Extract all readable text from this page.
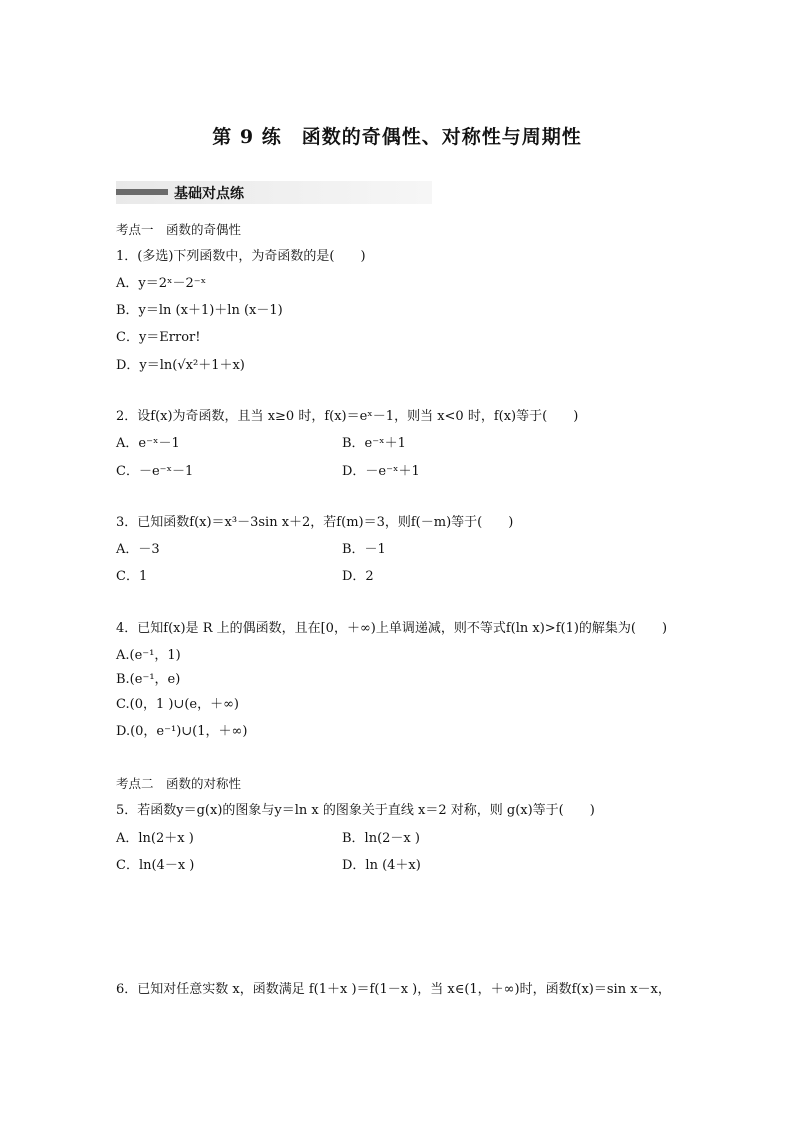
第 9 练　函数的奇偶性、对称性与周期性
基础对点练
考点一　函数的奇偶性
1．(多选)下列函数中，为奇函数的是(　　)
A．y＝2ˣ－2⁻ˣ
B．y＝ln (x＋1)＋ln (x－1)
C．y＝Error!
D．y＝ln(√x²＋1＋x)
2．设f(x)为奇函数，且当 x≥0 时，f(x)＝eˣ－1，则当 x<0 时，f(x)等于(　　)
A．e⁻ˣ－1	B．e⁻ˣ＋1
C．－e⁻ˣ－1	D．－e⁻ˣ＋1
3．已知函数f(x)＝x³－3sin x＋2，若f(m)＝3，则f(－m)等于(　　)
A．－3	B．－1
C．1	D．2
4．已知f(x)是 R 上的偶函数，且在[0，＋∞)上单调递减，则不等式f(ln x)>f(1)的解集为(　　)
A.(e⁻¹，1)
B.(e⁻¹，e)
C.(0，1 )∪(e，＋∞)
D.(0，e⁻¹)∪(1，＋∞)
考点二　函数的对称性
5．若函数y＝g(x)的图象与y＝ln x 的图象关于直线 x＝2 对称，则 g(x)等于(　　)
A．ln(2＋x )	B．ln(2－x )
C．ln(4－x )	D．ln (4＋x)
6．已知对任意实数 x，函数满足 f(1＋x )＝f(1－x )，当 x∈(1，＋∞)时，函数f(x)＝sin x－x，
